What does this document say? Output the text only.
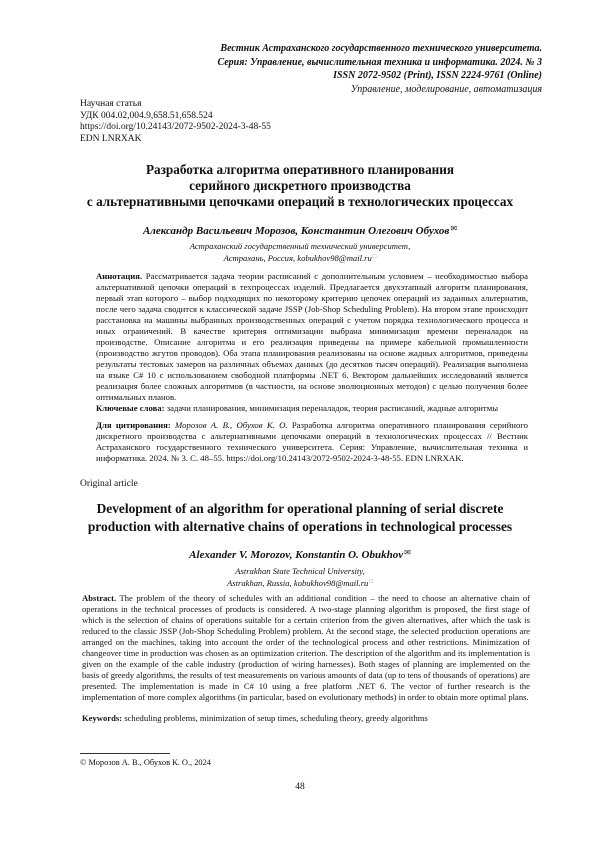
Вестник Астраханского государственного технического университета.
Серия: Управление, вычислительная техника и информатика. 2024. № 3
ISSN 2072-9502 (Print), ISSN 2224-9761 (Online)
Управление, моделирование, автоматизация
Научная статья
УДК 004.02,004.9,658.51,658.524
https://doi.org/10.24143/2072-9502-2024-3-48-55
EDN LNRXAK
Разработка алгоритма оперативного планирования
серийного дискретного производства
с альтернативными цепочками операций в технологических процессах
Александр Васильевич Морозов, Константин Олегович Обухов✉
Астраханский государственный технический университет,
Астрахань, Россия, kobukhov98@mail.ru□
Аннотация. Рассматривается задача теории расписаний с дополнительным условием – необходимостью выбора альтернативной цепочки операций в техпроцессах изделий. Предлагается двухэтапный алгоритм планирования, первый этап которого – выбор подходящих по некоторому критерию цепочек операций из заданных альтернатив, после чего задача сводится к классической задаче JSSP (Job-Shop Scheduling Problem). На втором этапе происходит расстановка на машины выбранных производственных операций с учетом порядка технологического процесса и иных ограничений. В качестве критерия оптимизации выбрана минимизация времени переналадок на производстве. Описание алгоритма и его реализация приведены на примере кабельной промышленности (производство жгутов проводов). Оба этапа планирования реализованы на основе жадных алгоритмов, приведены результаты тестовых замеров на различных объемах данных (до десятков тысяч операций). Реализация выполнена на языке C# 10 с использованием свободной платформы .NET 6. Вектором дальнейших исследований является реализация более сложных алгоритмов (в частности, на основе эволюционных методов) с целью получения более оптимальных планов.
Ключевые слова: задачи планирования, минимизация переналадок, теория расписаний, жадные алгоритмы
Для цитирования: Морозов А. В., Обухов К. О. Разработка алгоритма оперативного планирования серийного дискретного производства с альтернативными цепочками операций в технологических процессах // Вестник Астраханского государственного технического университета. Серия: Управление, вычислительная техника и информатика. 2024. № 3. С. 48–55. https://doi.org/10.24143/2072-9502-2024-3-48-55. EDN LNRXAK.
Original article
Development of an algorithm for operational planning of serial discrete
production with alternative chains of operations in technological processes
Alexander V. Morozov, Konstantin O. Obukhov✉
Astrakhan State Technical University,
Astrakhan, Russia, kobukhov98@mail.ru□
Abstract. The problem of the theory of schedules with an additional condition – the need to choose an alternative chain of operations in the technical processes of products is considered. A two-stage planning algorithm is proposed, the first stage of which is the selection of chains of operations suitable for a certain criterion from the given alternatives, after which the task is reduced to the classic JSSP (Job-Shop Scheduling Problem) problem. At the second stage, the selected production operations are arranged on the machines, taking into account the order of the technological process and other restrictions. Minimization of changeover time in production was chosen as an optimization criterion. The description of the algorithm and its implementation is given on the example of the cable industry (production of wiring harnesses). Both stages of planning are implemented on the basis of greedy algorithms, the results of test measurements on various amounts of data (up to tens of thousands of operations) are presented. The implementation is made in C# 10 using a free platform .NET 6. The vector of further research is the implementation of more complex algorithms (in particular, based on evolutionary methods) in order to obtain more optimal plans.
Keywords: scheduling problems, minimization of setup times, scheduling theory, greedy algorithms
© Морозов А. В., Обухов К. О., 2024
48
